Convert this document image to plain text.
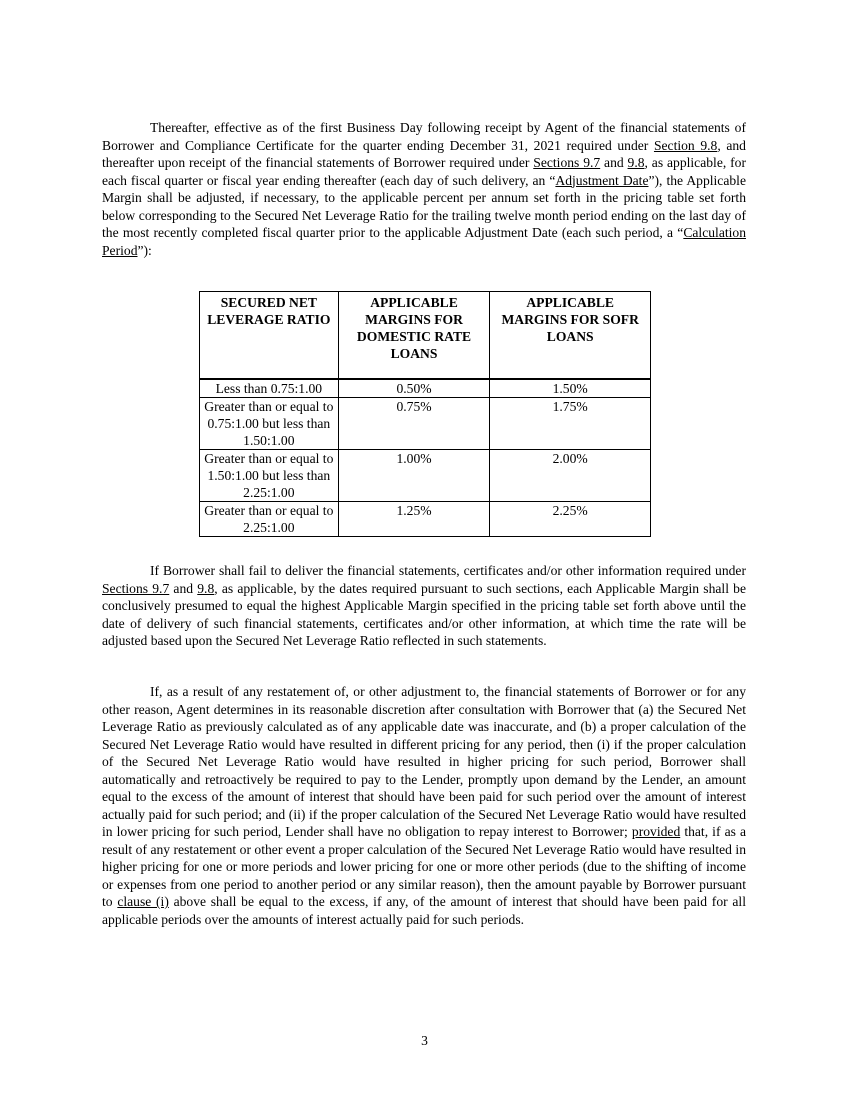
Thereafter, effective as of the first Business Day following receipt by Agent of the financial statements of Borrower and Compliance Certificate for the quarter ending December 31, 2021 required under Section 9.8, and thereafter upon receipt of the financial statements of Borrower required under Sections 9.7 and 9.8, as applicable, for each fiscal quarter or fiscal year ending thereafter (each day of such delivery, an “Adjustment Date”), the Applicable Margin shall be adjusted, if necessary, to the applicable percent per annum set forth in the pricing table set forth below corresponding to the Secured Net Leverage Ratio for the trailing twelve month period ending on the last day of the most recently completed fiscal quarter prior to the applicable Adjustment Date (each such period, a “Calculation Period”):

SECURED NET LEVERAGE RATIO	APPLICABLE MARGINS FOR DOMESTIC RATE LOANS	APPLICABLE MARGINS FOR SOFR LOANS
Less than 0.75:1.00	0.50%	1.50%
Greater than or equal to 0.75:1.00 but less than 1.50:1.00	0.75%	1.75%
Greater than or equal to 1.50:1.00 but less than 2.25:1.00	1.00%	2.00%
Greater than or equal to 2.25:1.00	1.25%	2.25%

If Borrower shall fail to deliver the financial statements, certificates and/or other information required under Sections 9.7 and 9.8, as applicable, by the dates required pursuant to such sections, each Applicable Margin shall be conclusively presumed to equal the highest Applicable Margin specified in the pricing table set forth above until the date of delivery of such financial statements, certificates and/or other information, at which time the rate will be adjusted based upon the Secured Net Leverage Ratio reflected in such statements.

If, as a result of any restatement of, or other adjustment to, the financial statements of Borrower or for any other reason, Agent determines in its reasonable discretion after consultation with Borrower that (a) the Secured Net Leverage Ratio as previously calculated as of any applicable date was inaccurate, and (b) a proper calculation of the Secured Net Leverage Ratio would have resulted in different pricing for any period, then (i) if the proper calculation of the Secured Net Leverage Ratio would have resulted in higher pricing for such period, Borrower shall automatically and retroactively be required to pay to the Lender, promptly upon demand by the Lender, an amount equal to the excess of the amount of interest that should have been paid for such period over the amount of interest actually paid for such period; and (ii) if the proper calculation of the Secured Net Leverage Ratio would have resulted in lower pricing for such period, Lender shall have no obligation to repay interest to Borrower; provided that, if as a result of any restatement or other event a proper calculation of the Secured Net Leverage Ratio would have resulted in higher pricing for one or more periods and lower pricing for one or more other periods (due to the shifting of income or expenses from one period to another period or any similar reason), then the amount payable by Borrower pursuant to clause (i) above shall be equal to the excess, if any, of the amount of interest that should have been paid for all applicable periods over the amounts of interest actually paid for such periods.

3
